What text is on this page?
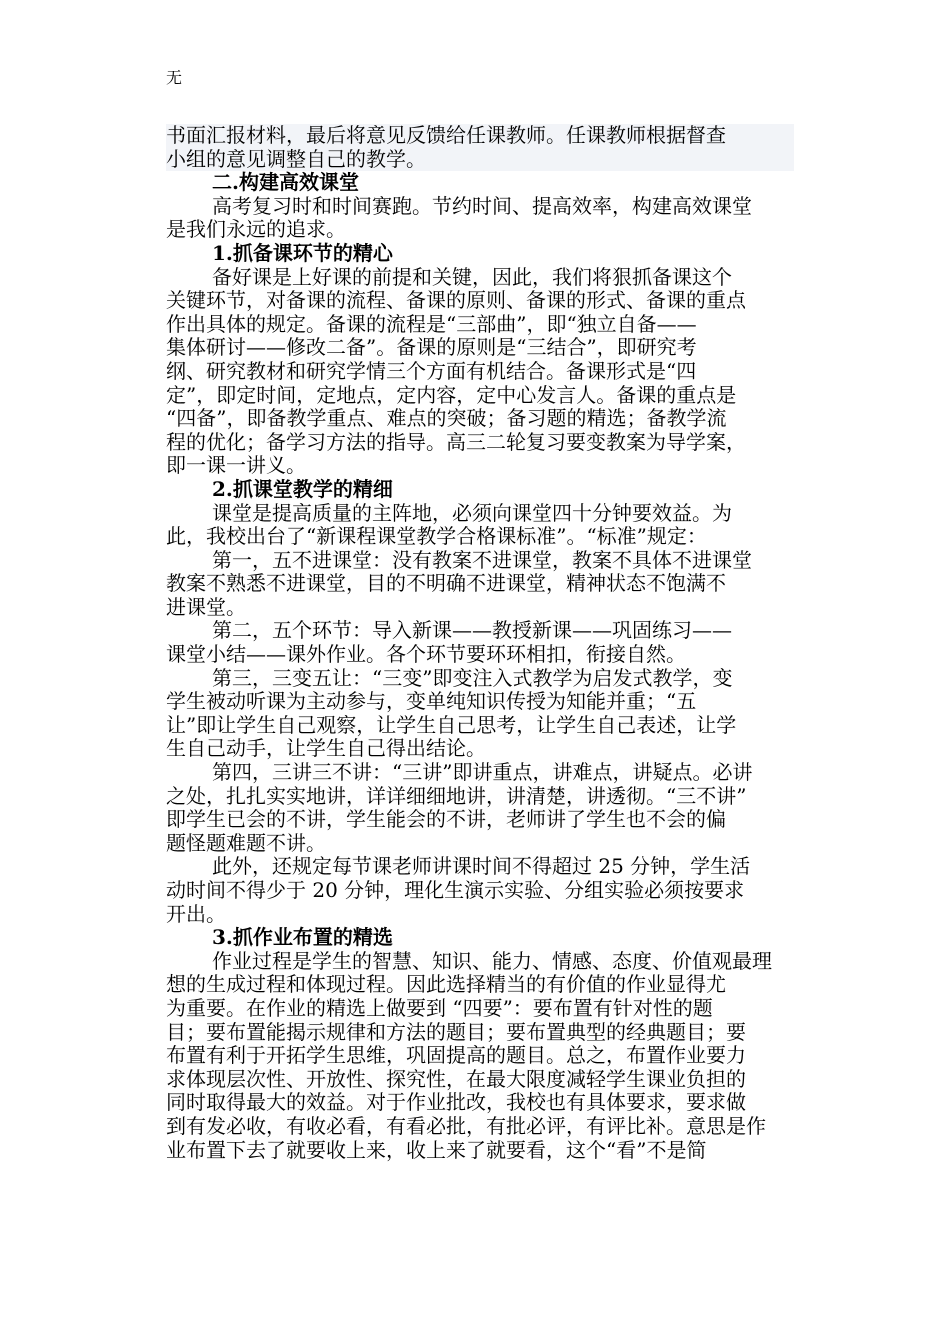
无
书面汇报材料，最后将意见反馈给任课教师。任课教师根据督查
小组的意见调整自己的教学。
二.构建高效课堂
高考复习时和时间赛跑。节约时间、提高效率，构建高效课堂
是我们永远的追求。
1.抓备课环节的精心
备好课是上好课的前提和关键，因此，我们将狠抓备课这个
关键环节，对备课的流程、备课的原则、备课的形式、备课的重点
作出具体的规定。备课的流程是“三部曲”，即“独立自备——
集体研讨——修改二备”。备课的原则是“三结合”，即研究考
纲、研究教材和研究学情三个方面有机结合。备课形式是“四
定”，即定时间，定地点，定内容，定中心发言人。备课的重点是
“四备”，即备教学重点、难点的突破；备习题的精选；备教学流
程的优化；备学习方法的指导。高三二轮复习要变教案为导学案，
即一课一讲义。
2.抓课堂教学的精细
课堂是提高质量的主阵地，必须向课堂四十分钟要效益。为
此，我校出台了“新课程课堂教学合格课标准”。“标准”规定：
第一，五不进课堂：没有教案不进课堂，教案不具体不进课堂
教案不熟悉不进课堂，目的不明确不进课堂，精神状态不饱满不
进课堂。
第二，五个环节：导入新课——教授新课——巩固练习——
课堂小结——课外作业。各个环节要环环相扣，衔接自然。
第三，三变五让：“三变”即变注入式教学为启发式教学，变
学生被动听课为主动参与，变单纯知识传授为知能并重；“五
让”即让学生自己观察，让学生自己思考，让学生自己表述，让学
生自己动手，让学生自己得出结论。
第四，三讲三不讲：“三讲”即讲重点，讲难点，讲疑点。必讲
之处，扎扎实实地讲，详详细细地讲，讲清楚，讲透彻。“三不讲”
即学生已会的不讲，学生能会的不讲，老师讲了学生也不会的偏
题怪题难题不讲。
此外，还规定每节课老师讲课时间不得超过 25 分钟，学生活
动时间不得少于 20 分钟，理化生演示实验、分组实验必须按要求
开出。
3.抓作业布置的精选
作业过程是学生的智慧、知识、能力、情感、态度、价值观最理
想的生成过程和体现过程。因此选择精当的有价值的作业显得尤
为重要。在作业的精选上做要到 “四要”：要布置有针对性的题
目；要布置能揭示规律和方法的题目；要布置典型的经典题目；要
布置有利于开拓学生思维，巩固提高的题目。总之，布置作业要力
求体现层次性、开放性、探究性，在最大限度减轻学生课业负担的
同时取得最大的效益。对于作业批改，我校也有具体要求，要求做
到有发必收，有收必看，有看必批，有批必评，有评比补。意思是作
业布置下去了就要收上来，收上来了就要看，这个“看”不是简
